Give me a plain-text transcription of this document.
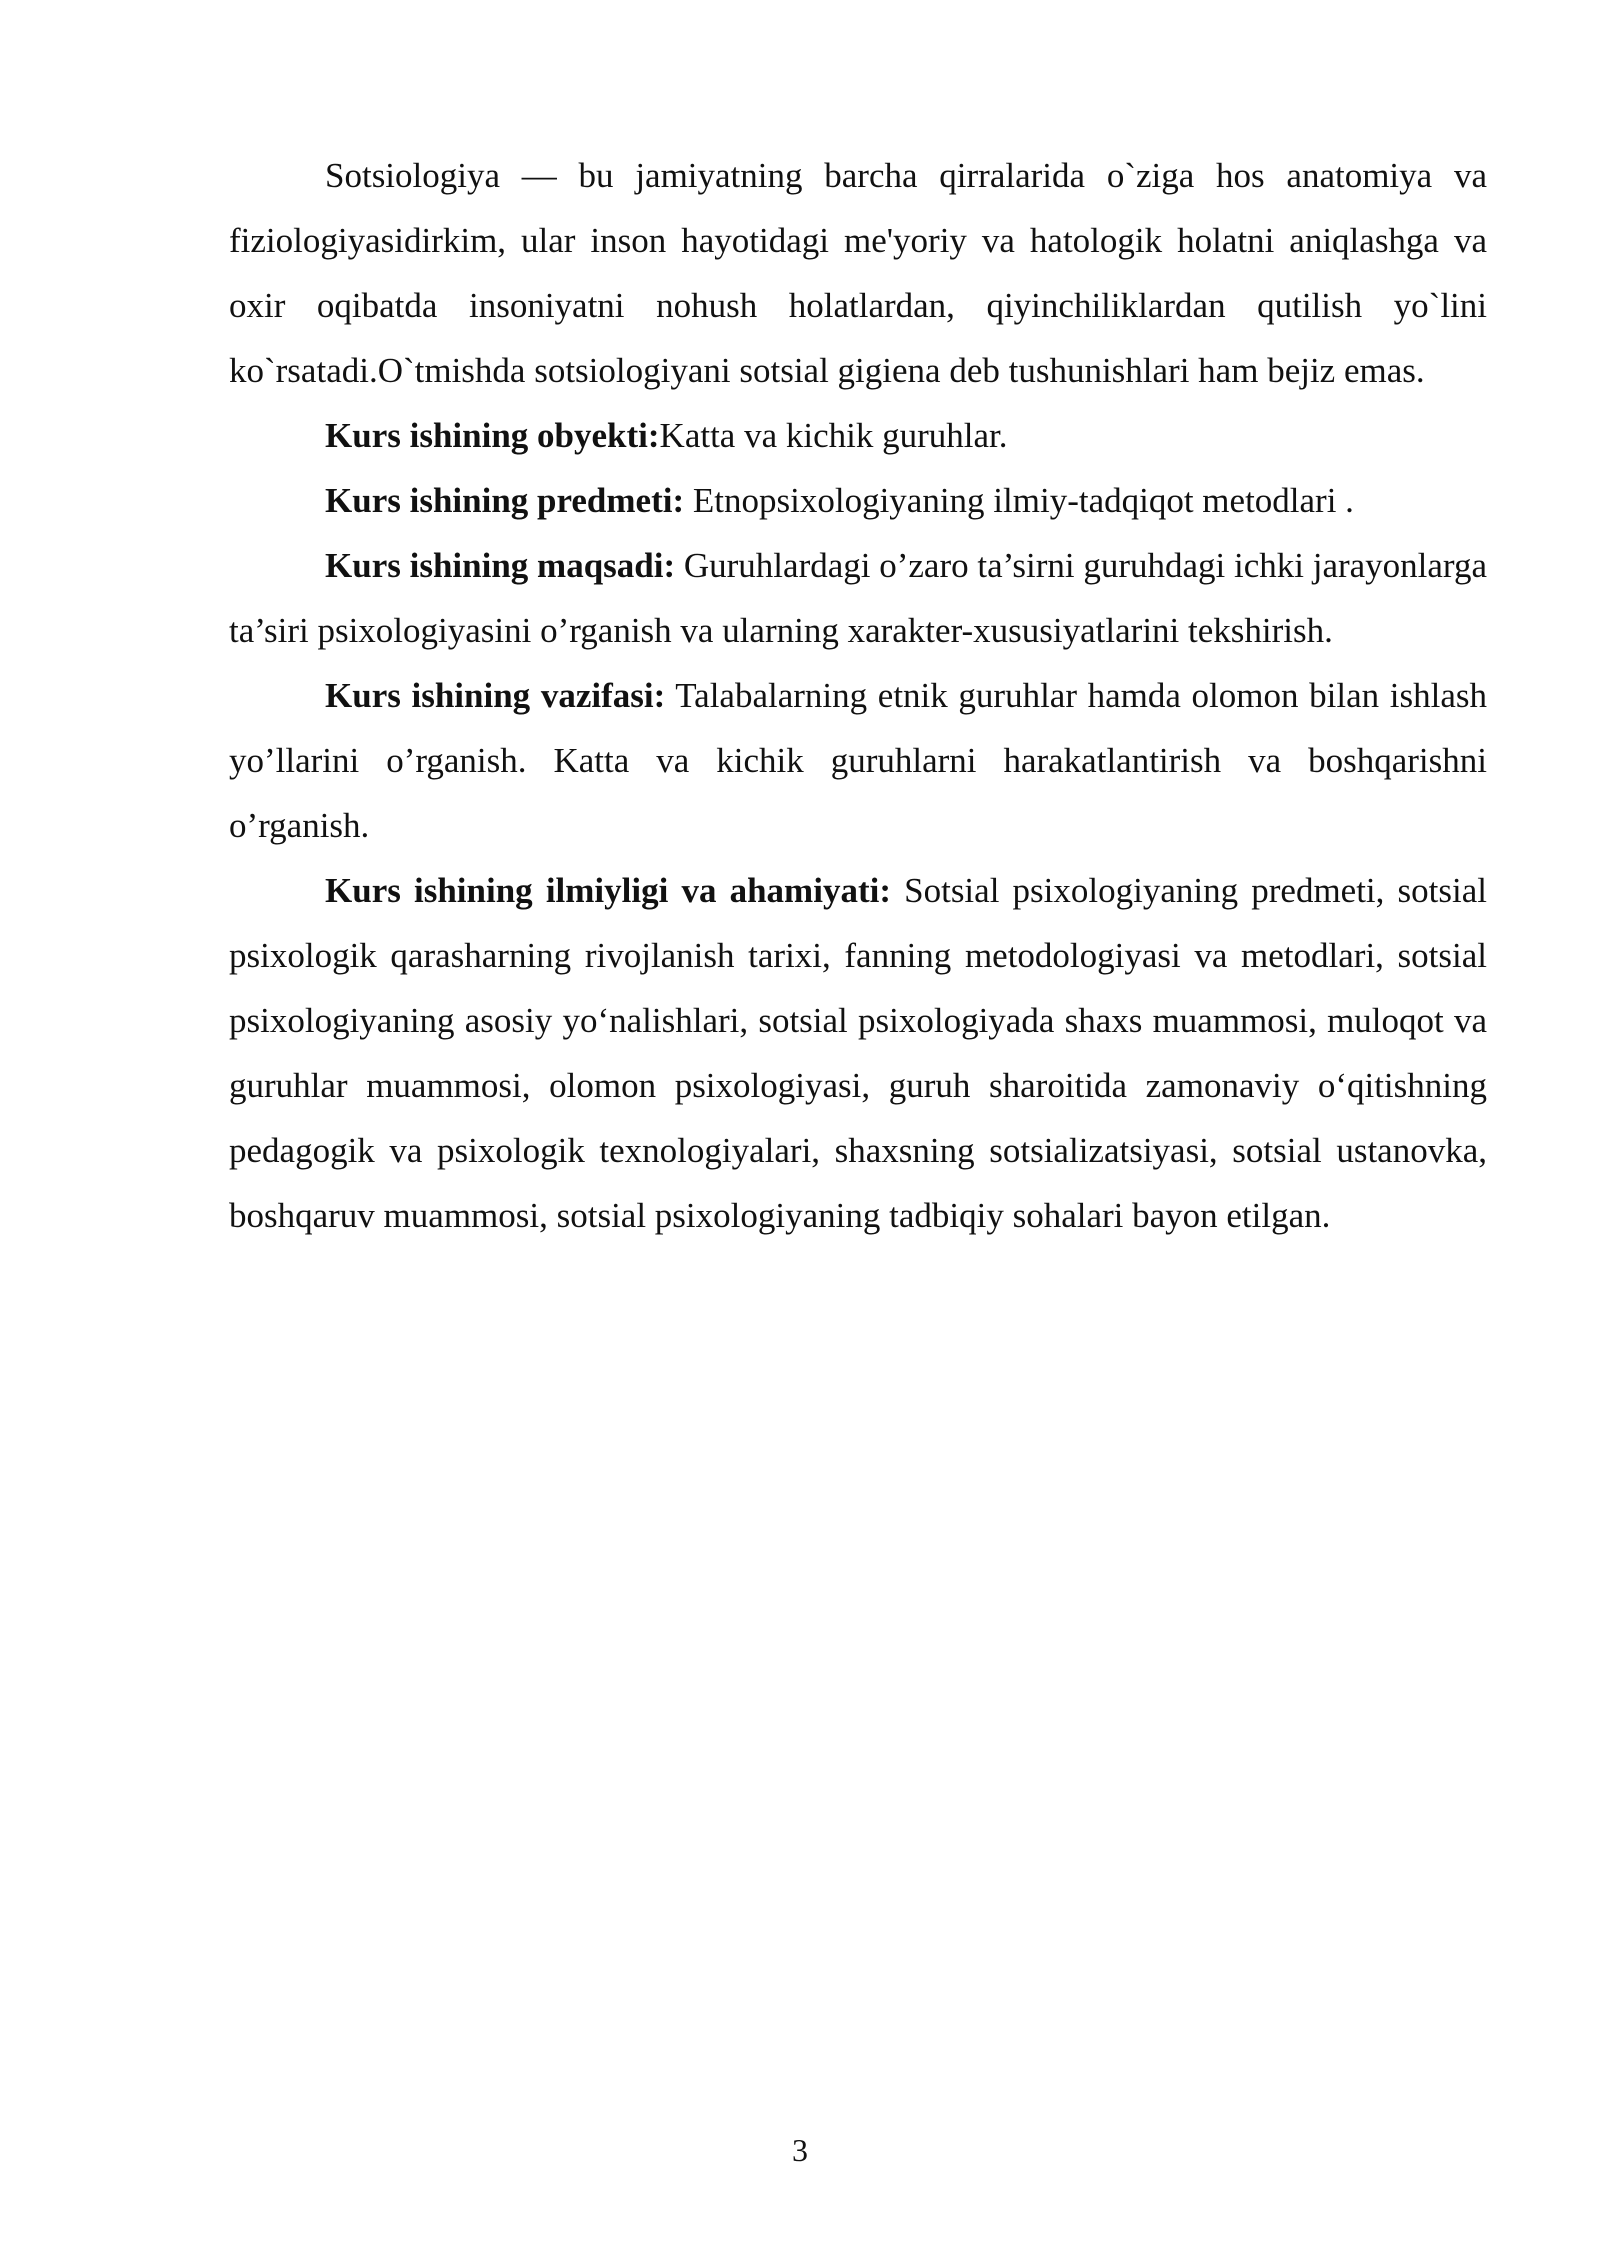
Sotsiologiya — bu jamiyatning barcha qirralarida o`ziga hos anatomiya va fiziologiyasidirkim, ular inson hayotidagi me'yoriy va hatologik holatni aniqlashga va oxir oqibatda insoniyatni nohush holatlardan, qiyinchiliklardan qutilish yo`lini ko`rsatadi.O`tmishda sotsiologiyani sotsial gigiena deb tushunishlari ham bejiz emas.

Kurs ishining obyekti:Katta va kichik guruhlar.

Kurs ishining predmeti: Etnopsixologiyaning ilmiy-tadqiqot metodlari .

Kurs ishining maqsadi: Guruhlardagi o’zaro ta’sirni guruhdagi ichki jarayonlarga ta’siri psixologiyasini o’rganish va ularning xarakter-xususiyatlarini tekshirish.

Kurs ishining vazifasi: Talabalarning etnik guruhlar hamda olomon bilan ishlash yo’llarini o’rganish. Katta va kichik guruhlarni harakatlantirish va boshqarishni o’rganish.

Kurs ishining ilmiyligi va ahamiyati: Sotsial psixologiyaning predmeti, sotsial psixologik qarasharning rivojlanish tarixi, fanning metodologiyasi va metodlari, sotsial psixologiyaning asosiy yo‘nalishlari, sotsial psixologiyada shaxs muammosi, muloqot va guruhlar muammosi, olomon psixologiyasi, guruh sharoitida zamonaviy o‘qitishning pedagogik va psixologik texnologiyalari, shaxsning sotsializatsiyasi, sotsial ustanovka, boshqaruv muammosi, sotsial psixologiyaning tadbiqiy sohalari bayon etilgan.

3
